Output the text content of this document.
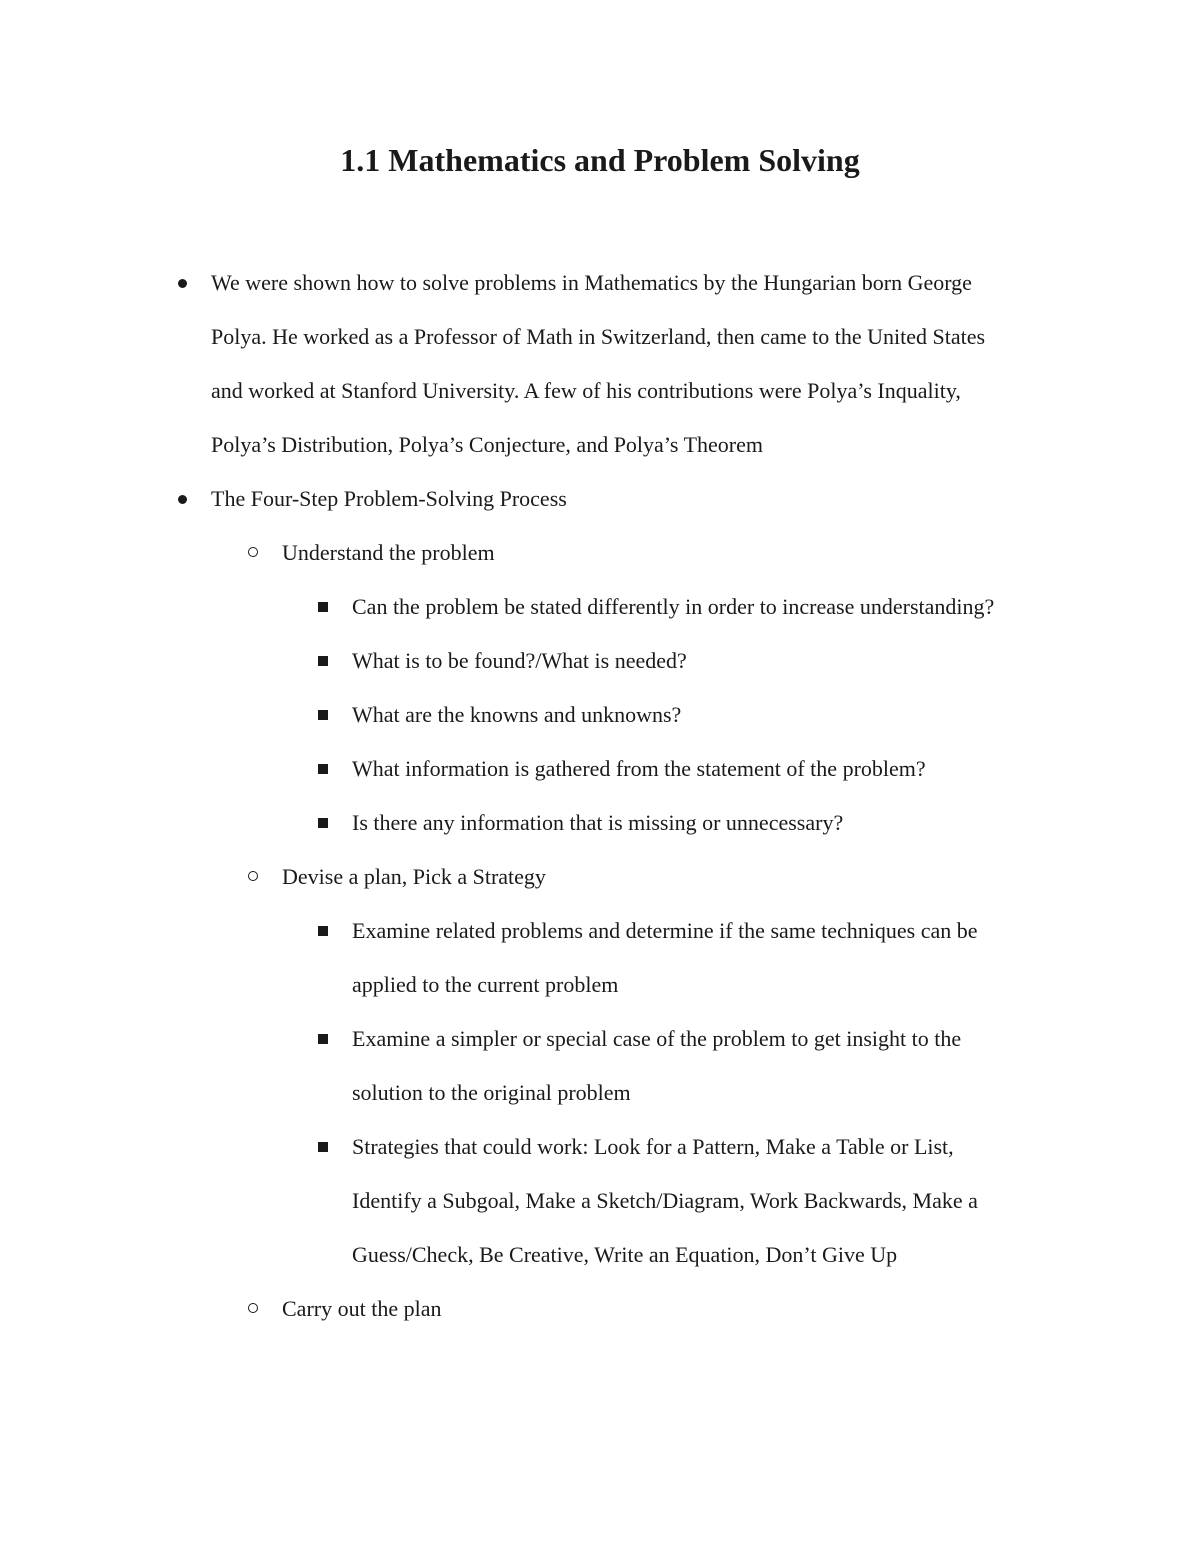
1.1 Mathematics and Problem Solving
We were shown how to solve problems in Mathematics by the Hungarian born George
Polya. He worked as a Professor of Math in Switzerland, then came to the United States
and worked at Stanford University. A few of his contributions were Polya’s Inquality,
Polya’s Distribution, Polya’s Conjecture, and Polya’s Theorem
The Four-Step Problem-Solving Process
Understand the problem
Can the problem be stated differently in order to increase understanding?
What is to be found?/What is needed?
What are the knowns and unknowns?
What information is gathered from the statement of the problem?
Is there any information that is missing or unnecessary?
Devise a plan, Pick a Strategy
Examine related problems and determine if the same techniques can be
applied to the current problem
Examine a simpler or special case of the problem to get insight to the
solution to the original problem
Strategies that could work: Look for a Pattern, Make a Table or List,
Identify a Subgoal, Make a Sketch/Diagram, Work Backwards, Make a
Guess/Check, Be Creative, Write an Equation, Don’t Give Up
Carry out the plan
